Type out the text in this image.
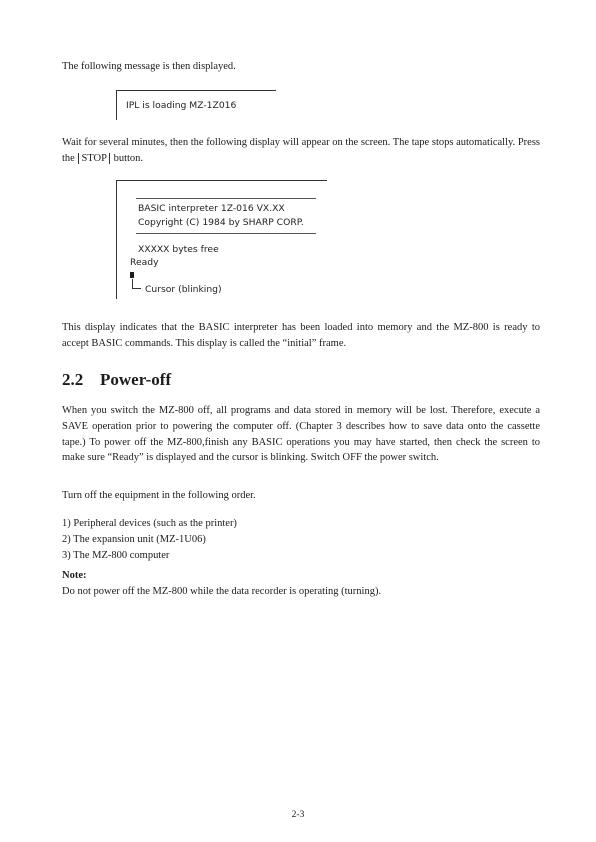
The following message is then displayed.

IPL is loading MZ-1Z016

Wait for several minutes, then the following display will appear on the screen. The tape stops automatically. Press the STOP button.

BASIC interpreter 1Z-016 VX.XX
Copyright (C) 1984 by SHARP CORP.
XXXXX bytes free
Ready
Cursor (blinking)

This display indicates that the BASIC interpreter has been loaded into memory and the MZ-800 is ready to accept BASIC commands. This display is called the “initial” frame.

2.2 Power-off

When you switch the MZ-800 off, all programs and data stored in memory will be lost. Therefore, execute a SAVE operation prior to powering the computer off. (Chapter 3 describes how to save data onto the cassette tape.) To power off the MZ-800,finish any BASIC operations you may have started, then check the screen to make sure “Ready” is displayed and the cursor is blinking. Switch OFF the power switch.

Turn off the equipment in the following order.

1) Peripheral devices (such as the printer)
2) The expansion unit (MZ-1U06)
3) The MZ-800 computer
Note:

Do not power off the MZ-800 while the data recorder is operating (turning).

2-3
